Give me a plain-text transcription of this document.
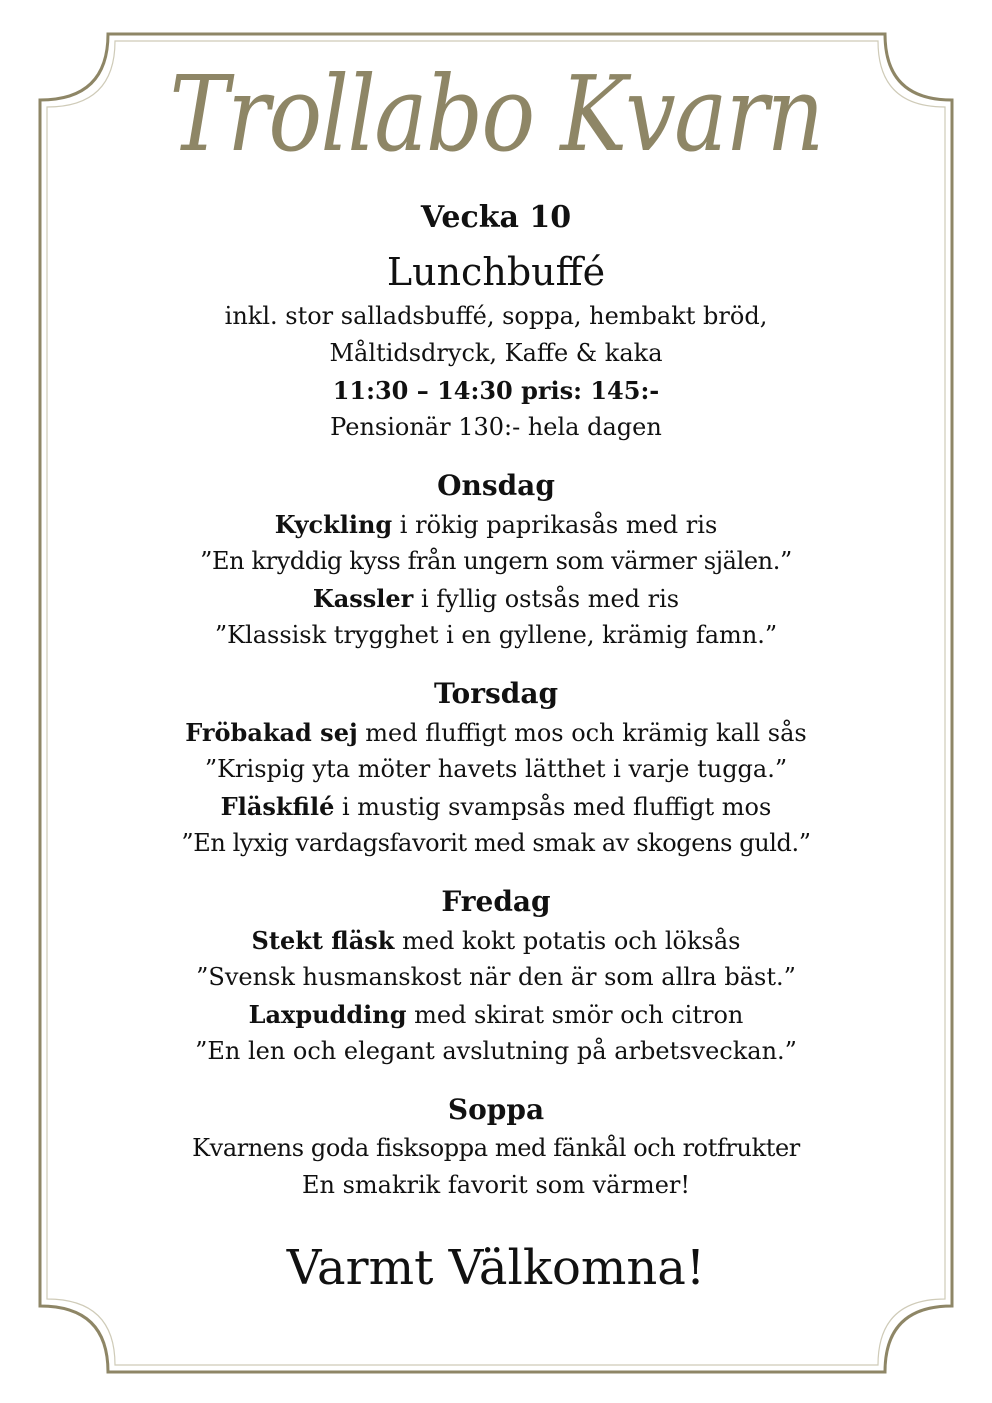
Trollabo Kvarn
Vecka 10
Lunchbuffé
inkl. stor salladsbuffé, soppa, hembakt bröd,
Måltidsdryck, Kaffe & kaka
11:30 – 14:30 pris: 145:-
Pensionär 130:- hela dagen
Onsdag
Kyckling i rökig paprikasås med ris
”En kryddig kyss från ungern som värmer själen.”
Kassler i fyllig ostsås med ris
”Klassisk trygghet i en gyllene, krämig famn.”
Torsdag
Fröbakad sej med fluffigt mos och krämig kall sås
”Krispig yta möter havets lätthet i varje tugga.”
Fläskfilé i mustig svampsås med fluffigt mos
”En lyxig vardagsfavorit med smak av skogens guld.”
Fredag
Stekt fläsk med kokt potatis och löksås
”Svensk husmanskost när den är som allra bäst.”
Laxpudding med skirat smör och citron
”En len och elegant avslutning på arbetsveckan.”
Soppa
Kvarnens goda fisksoppa med fänkål och rotfrukter
En smakrik favorit som värmer!
Varmt Välkomna!
